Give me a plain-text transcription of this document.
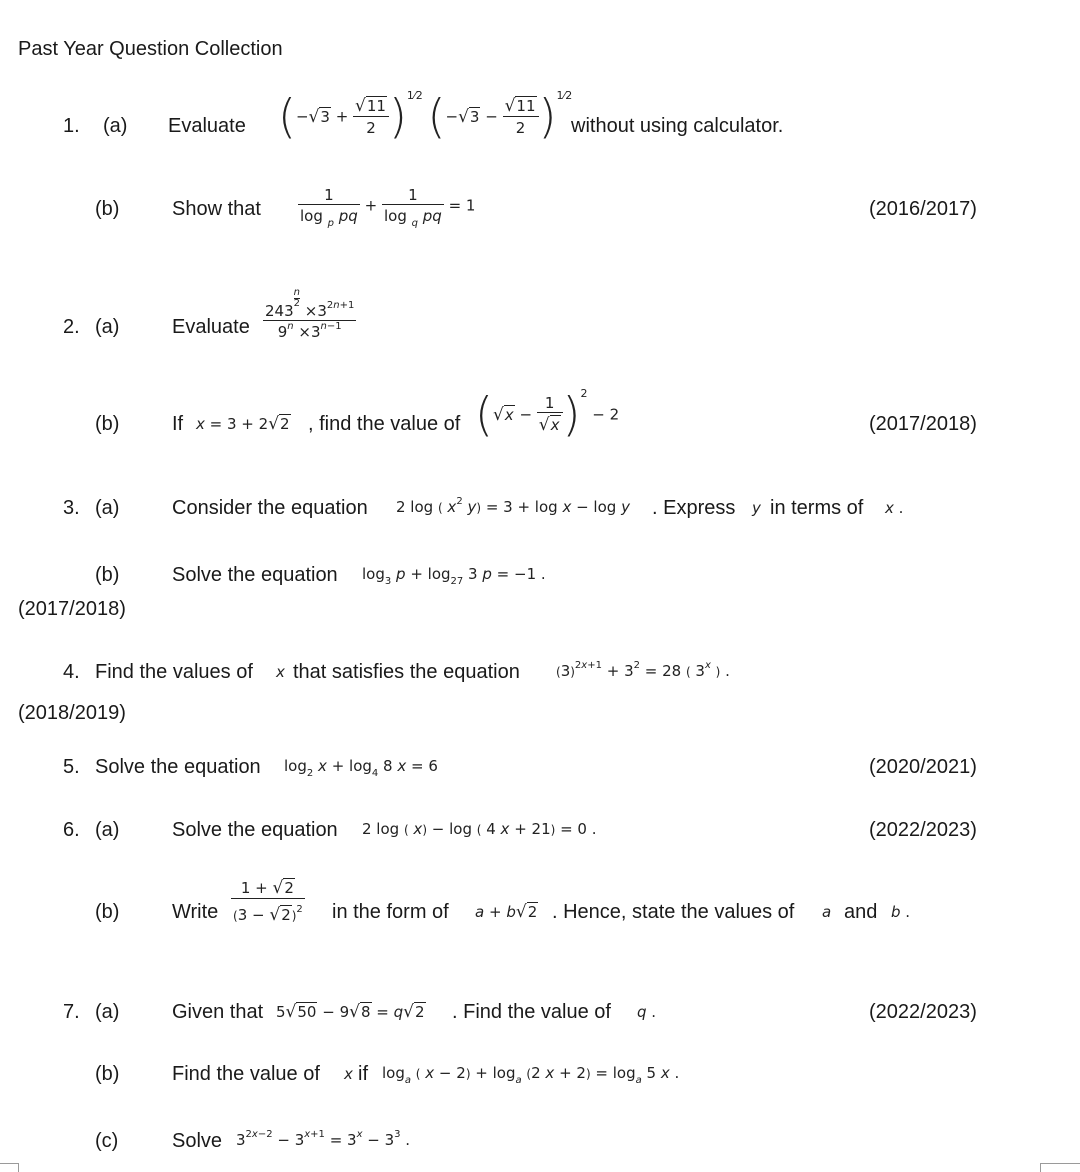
Past Year Question Collection
1. (a) Evaluate $(-√3 + \frac{√11}{2} )^{1⁄2}$ $(-√3 - \frac{√11}{2} )^{1⁄2}$
without using calculator.
(b)	Show that $\frac{1}{\log _p pq} + \frac{1}{\log _q pq} = 1$	(2016/2017)
2. (a)	Evaluate 243
$\frac{n}{2}$
$\times 3^{2n+1}$
$9^n \times 3^{n-1}$
(b)	If x = 3 + 2√2 , find the value of $(√x - \frac{1}{√x} )^2 - 2$	(2017/2018)
3. (a)	Consider the equation 2 log ( $x^2$ y) = 3 + log x − log y . Express y in terms of x .
(b)	Solve the equation $\log_3 p + \log_{27} 3$ p = −1 .
(2017/2018)
4. Find the values of x that satisfies the equation	$(3)^{2x+1} + 3^2 = 28$ ( 3$^x$ ) .
(2018/2019)
5. Solve the equation $\log_2 x + \log_4 8$ x = 6	(2020/2021)
6. (a)	Solve the equation 2 log ( x) − log ( 4 x + 21) = 0 .	(2022/2023)
(b)	Write $\frac{1 + √2}{(3 - √2)^2}$ in the form of a + b√2 . Hence, state the values of a and b .
7. (a)	Given that 5√50 − 9√8 = q√2 . Find the value of q .	(2022/2023)
(b)	Find the value of x if $\log_a$ ( $x - 2) + \log_a (2$ $x + 2) = \log_a 5$ x .
(c)	Solve $3^{2x-2} - 3^{x+1} = 3^x - 3^3$ .
